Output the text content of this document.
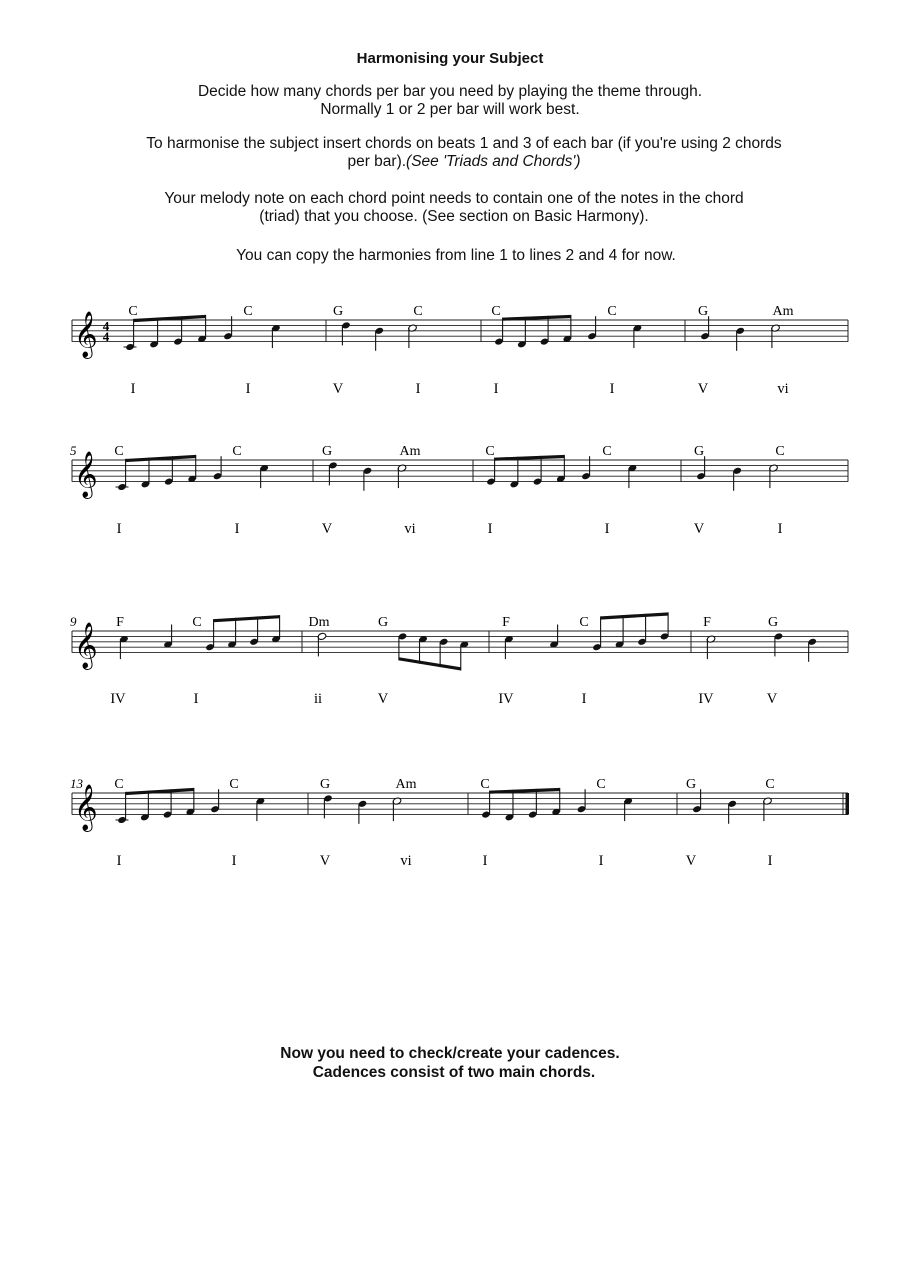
Harmonising your Subject
Decide how many chords per bar you need by playing the theme through.
Normally 1 or 2 per bar will work best.
To harmonise the subject insert chords on beats 1 and 3 of each bar (if you're using 2 chords
per bar).(See 'Triads and Chords')
Your melody note on each chord point needs to contain one of the notes in the chord
(triad) that you choose. (See section on Basic Harmony).
You can copy the harmonies from line 1 to lines 2 and 4 for now.
𝄞 4
4
C	C	G	C	C	C	G	Am
I	I	V	I	I	I	V	vi
𝄞
5	C	C	G	Am	C	C	G	C
I	I	V	vi	I	I	V	I
𝄞
9	F	C	Dm	G	F	C	F	G
IV	I	ii	V	IV	I	IV	V
𝄞
13 C	C	G	Am	C	C	G	C
I	I	V	vi	I	I	V	I
Now you need to check/create your cadences.
Cadences consist of two main chords.
